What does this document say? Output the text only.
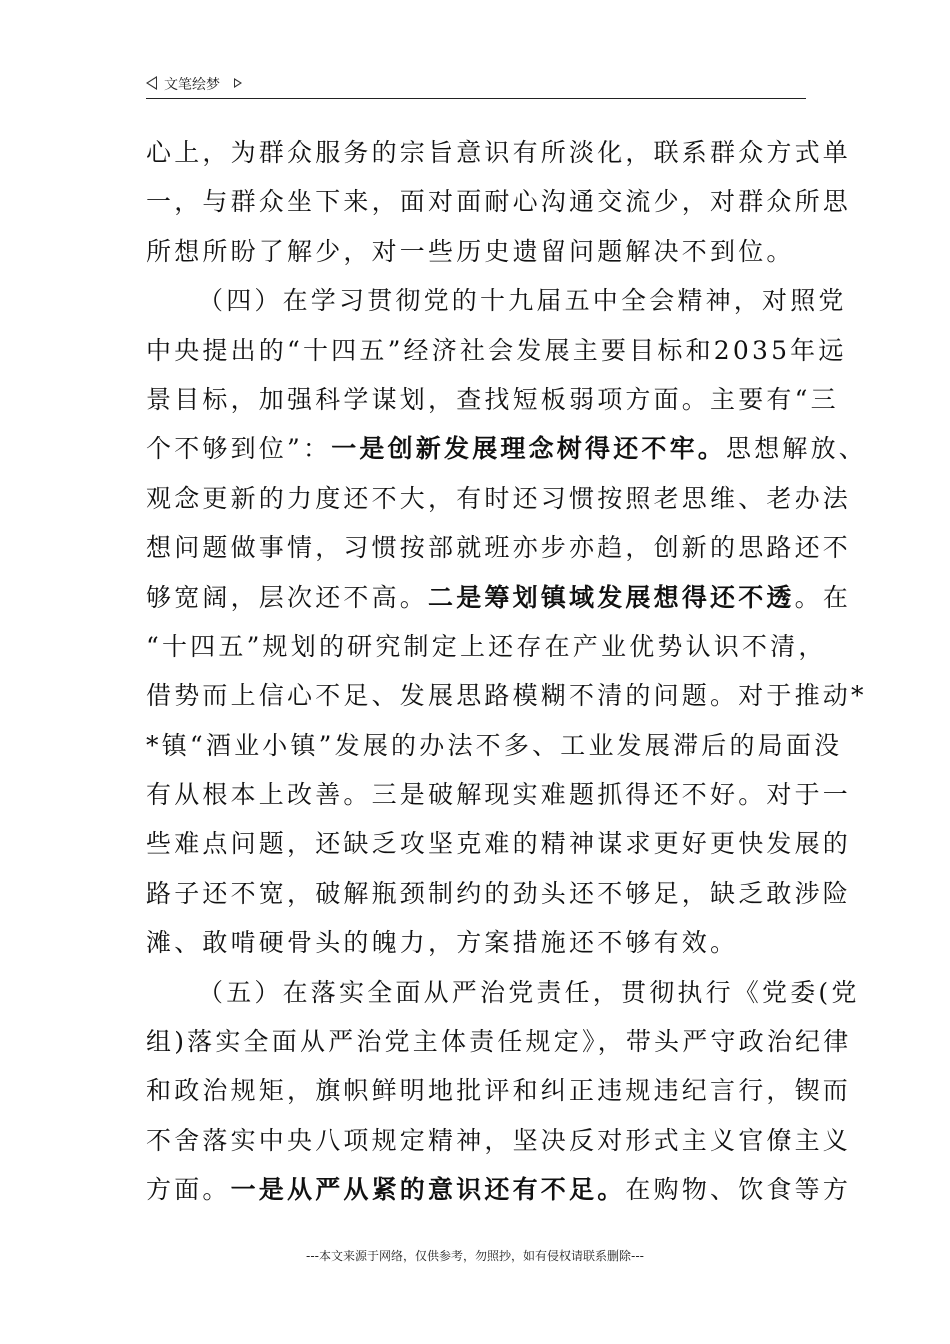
文笔绘梦
心上，为群众服务的宗旨意识有所淡化，联系群众方式单
一，与群众坐下来，面对面耐心沟通交流少，对群众所思
所想所盼了解少，对一些历史遗留问题解决不到位。
（四）在学习贯彻党的十九届五中全会精神，对照党
中央提出的“十四五”经济社会发展主要目标和2035年远
景目标，加强科学谋划，查找短板弱项方面。主要有“三
个不够到位”：一是创新发展理念树得还不牢。思想解放、
观念更新的力度还不大，有时还习惯按照老思维、老办法
想问题做事情，习惯按部就班亦步亦趋，创新的思路还不
够宽阔，层次还不高。二是筹划镇域发展想得还不透。在
“十四五”规划的研究制定上还存在产业优势认识不清，
借势而上信心不足、发展思路模糊不清的问题。对于推动*
*镇“酒业小镇”发展的办法不多、工业发展滞后的局面没
有从根本上改善。三是破解现实难题抓得还不好。对于一
些难点问题，还缺乏攻坚克难的精神谋求更好更快发展的
路子还不宽，破解瓶颈制约的劲头还不够足，缺乏敢涉险
滩、敢啃硬骨头的魄力，方案措施还不够有效。
（五）在落实全面从严治党责任，贯彻执行《党委(党
组)落实全面从严治党主体责任规定》，带头严守政治纪律
和政治规矩，旗帜鲜明地批评和纠正违规违纪言行，锲而
不舍落实中央八项规定精神，坚决反对形式主义官僚主义
方面。一是从严从紧的意识还有不足。在购物、饮食等方
---本文来源于网络，仅供参考，勿照抄，如有侵权请联系删除---
